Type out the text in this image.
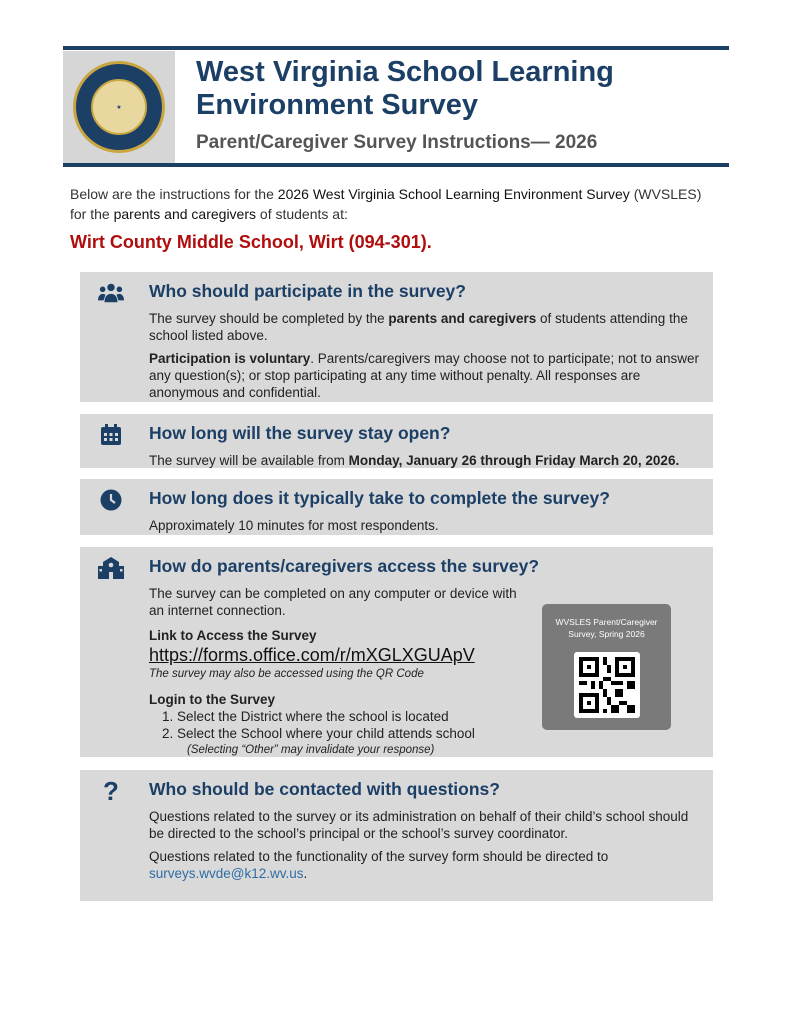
★
West Virginia School Learning
Environment Survey
Parent/Caregiver Survey Instructions— 2026
Below are the instructions for the 2026 West Virginia School Learning Environment Survey (WVSLES)
for the parents and caregivers of students at:
Wirt County Middle School, Wirt (094-301).
Who should participate in the survey?

The survey should be completed by the parents and caregivers of students attending the school listed above.

Participation is voluntary. Parents/caregivers may choose not to participate; not to answer any question(s); or stop participating at any time without penalty. All responses are anonymous and confidential.

How long will the survey stay open?

The survey will be available from Monday, January 26 through Friday March 20, 2026.

How long does it typically take to complete the survey?

Approximately 10 minutes for most respondents.

How do parents/caregivers access the survey?

The survey can be completed on any computer or device with an internet connection.

Link to Access the Survey
https://forms.office.com/r/mXGLXGUApV
The survey may also be accessed using the QR Code
Login to the Survey
1. Select the District where the school is located
2. Select the School where your child attends school
(Selecting “Other” may invalidate your response)
WVSLES Parent/Caregiver Survey, Spring 2026
? Who should be contacted with questions?

Questions related to the survey or its administration on behalf of their child’s school should be directed to the school’s principal or the school’s survey coordinator.

Questions related to the functionality of the survey form should be directed to surveys.wvde@k12.wv.us.
